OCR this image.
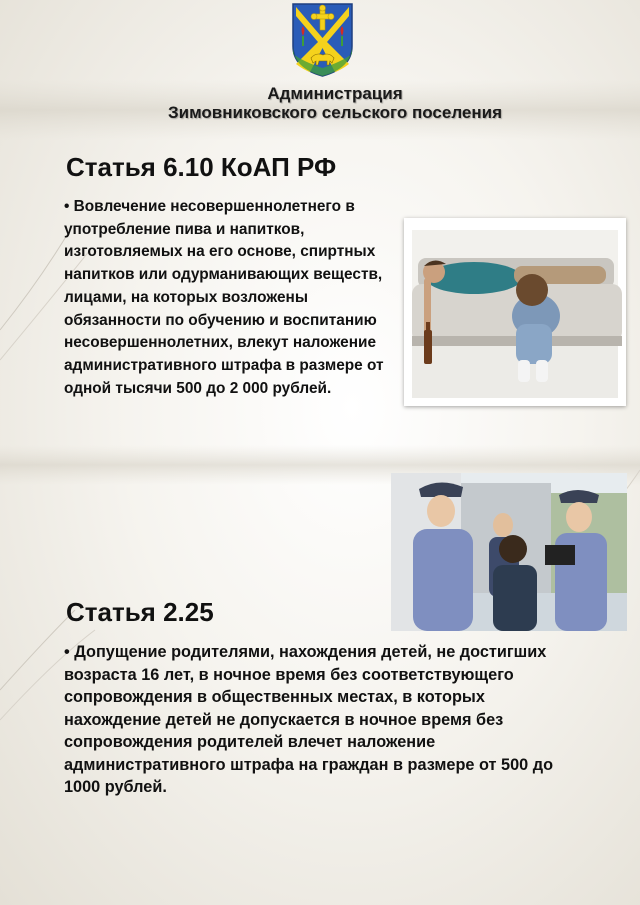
Администрация
Зимовниковского сельского поселения
Статья 6.10 КоАП РФ

• Вовлечение несовершеннолетнего в употребление пива и напитков, изготовляемых на его основе, спиртных напитков или одурманивающих веществ, лицами, на которых возложены обязанности по обучению и воспитанию несовершеннолетних, влекут наложение административного штрафа в размере от одной тысячи 500 до 2 000 рублей.

Статья 2.25

• Допущение родителями, нахождения детей, не достигших возраста 16 лет, в ночное время без соответствующего сопровождения в общественных местах, в которых нахождение детей не допускается в ночное время без сопровождения родителей влечет наложение административного штрафа на граждан в размере от 500 до 1000 рублей.
